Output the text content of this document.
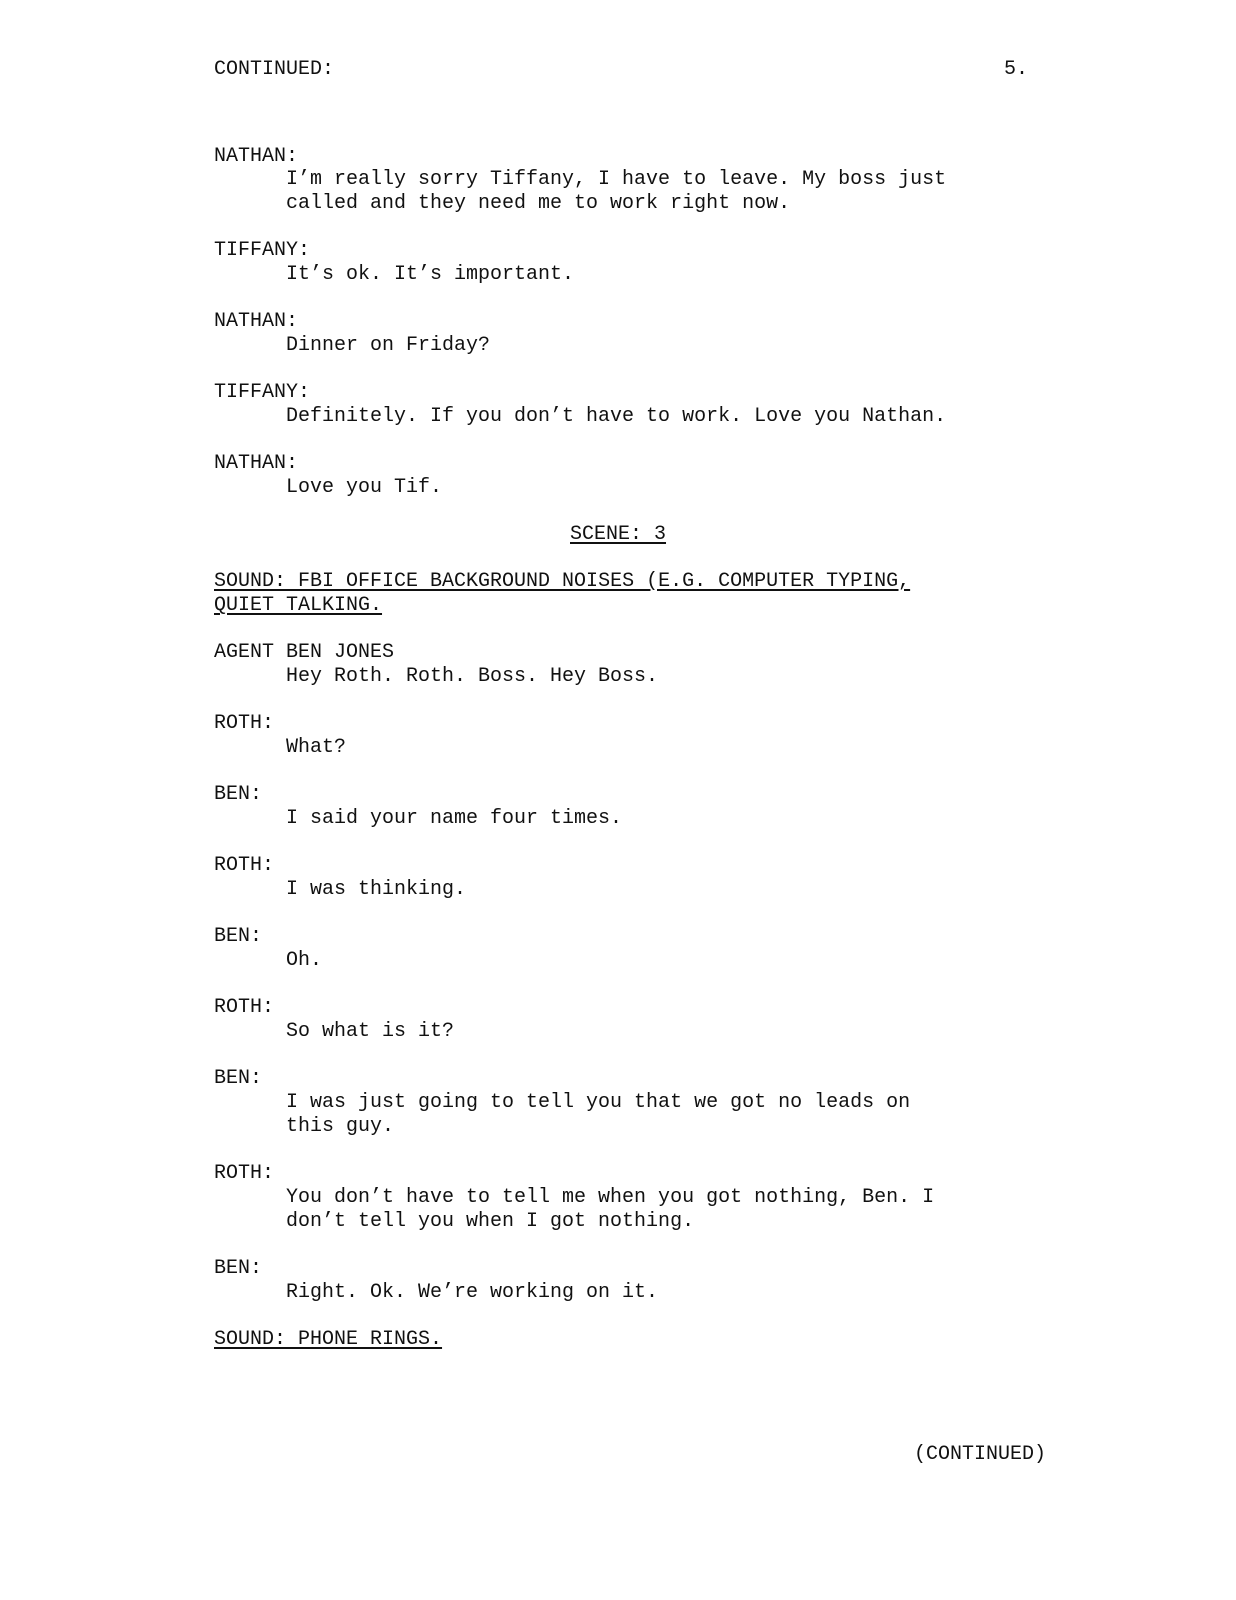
CONTINUED:	5.
NATHAN:
I’m really sorry Tiffany, I have to leave. My boss just
called and they need me to work right now.
TIFFANY:
It’s ok. It’s important.
NATHAN:
Dinner on Friday?
TIFFANY:
Definitely. If you don’t have to work. Love you Nathan.
NATHAN:
Love you Tif.
SCENE: 3
SOUND: FBI OFFICE BACKGROUND NOISES (E.G. COMPUTER TYPING,
QUIET TALKING.
AGENT BEN JONES
Hey Roth. Roth. Boss. Hey Boss.
ROTH:
What?
BEN:
I said your name four times.
ROTH:
I was thinking.
BEN:
Oh.
ROTH:
So what is it?
BEN:
I was just going to tell you that we got no leads on
this guy.
ROTH:
You don’t have to tell me when you got nothing, Ben. I
don’t tell you when I got nothing.
BEN:
Right. Ok. We’re working on it.
SOUND: PHONE RINGS.
(CONTINUED)
